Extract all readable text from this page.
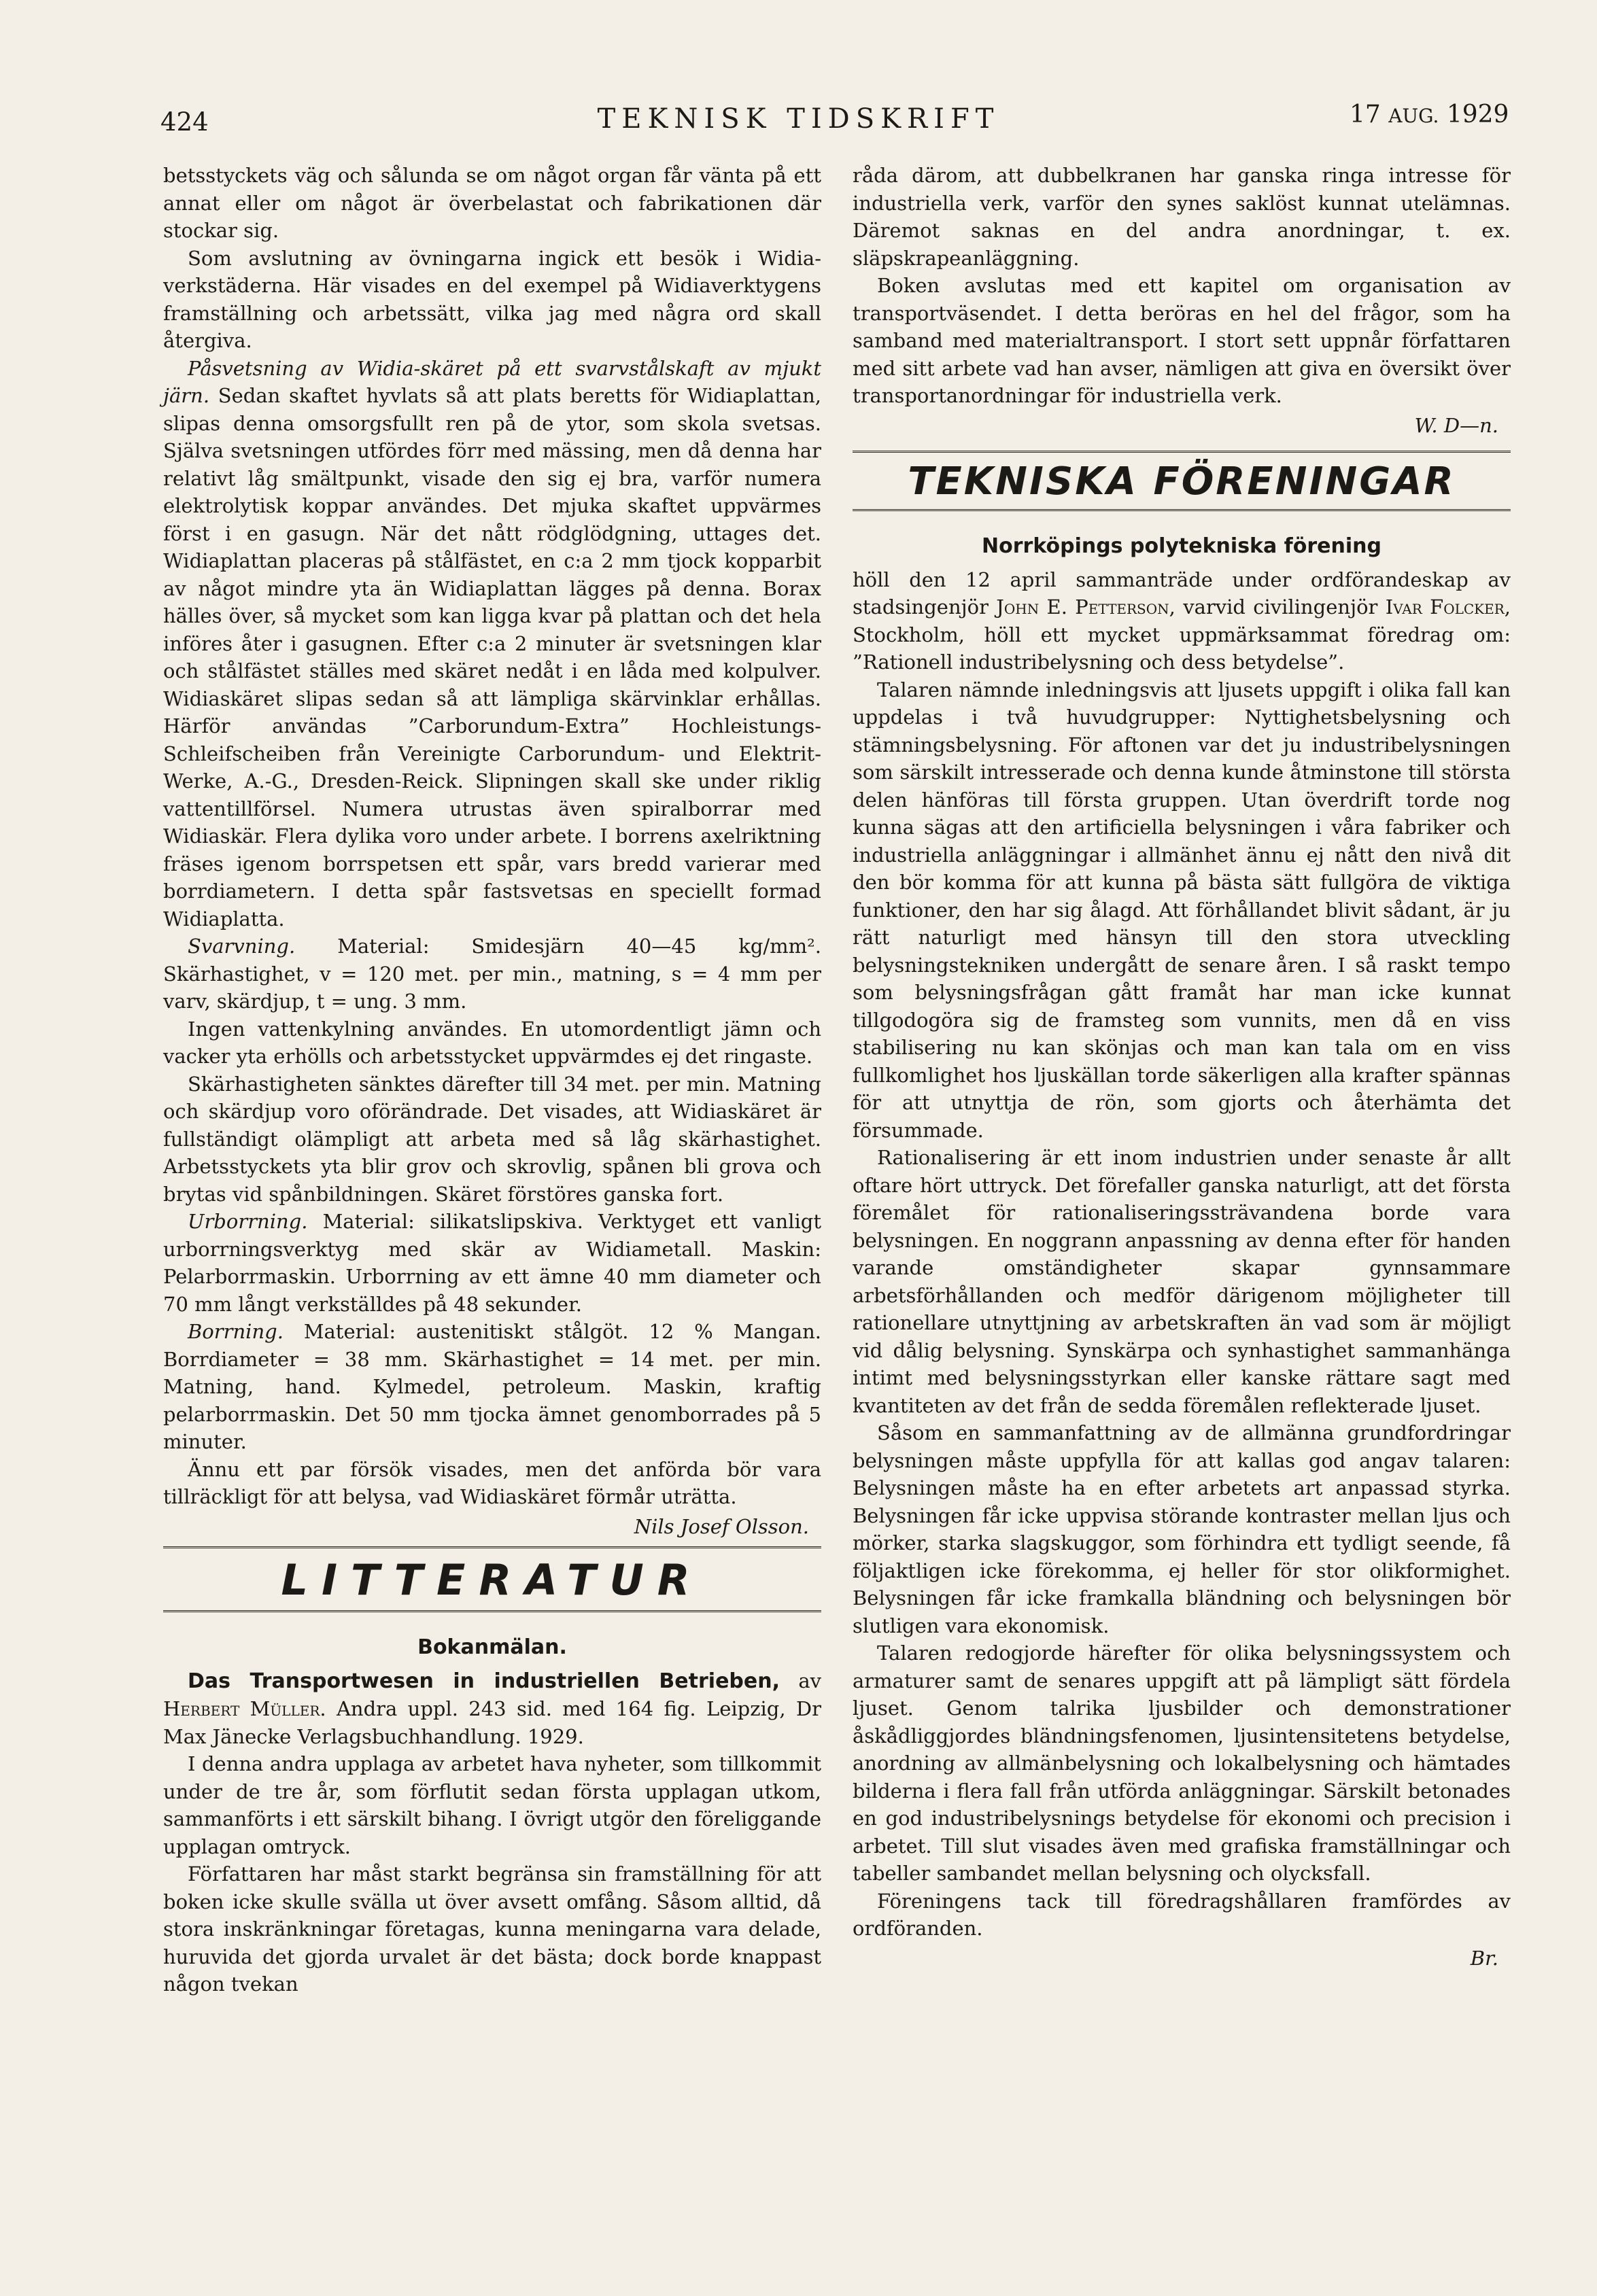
424	TEKNISK TIDSKRIFT	17 AUG. 1929
betsstyckets väg och sålunda se om något organ får vänta på ett annat eller om något är överbelastat och fabrikationen där stockar sig.
Som avslutning av övningarna ingick ett besök i Widia-verkstäderna. Här visades en del exempel på Widiaverktygens framställning och arbetssätt, vilka jag med några ord skall återgiva.
Påsvetsning av Widia-skäret på ett svarvstålskaft av mjukt järn. Sedan skaftet hyvlats så att plats beretts för Widiaplattan, slipas denna omsorgsfullt ren på de ytor, som skola svetsas. Själva svetsningen utfördes förr med mässing, men då denna har relativt låg smältpunkt, visade den sig ej bra, varför numera elektrolytisk koppar användes. Det mjuka skaftet uppvärmes först i en gasugn. När det nått rödglödgning, uttages det. Widiaplattan placeras på stålfästet, en c:a 2 mm tjock kopparbit av något mindre yta än Widiaplattan lägges på denna. Borax hälles över, så mycket som kan ligga kvar på plattan och det hela införes åter i gasugnen. Efter c:a 2 minuter är svetsningen klar och stålfästet ställes med skäret nedåt i en låda med kolpulver. Widiaskäret slipas sedan så att lämpliga skärvinklar erhållas. Härför användas ”Carborundum-Extra” Hochleistungs-Schleifscheiben från Vereinigte Carborundum- und Elektrit-Werke, A.-G., Dresden-Reick. Slipningen skall ske under riklig vattentillförsel. Numera utrustas även spiralborrar med Widiaskär. Flera dylika voro under arbete. I borrens axelriktning fräses igenom borrspetsen ett spår, vars bredd varierar med borrdiametern. I detta spår fastsvetsas en speciellt formad Widiaplatta.
Svarvning. Material: Smidesjärn 40—45 kg/mm². Skärhastighet, v = 120 met. per min., matning, s = 4 mm per varv, skärdjup, t = ung. 3 mm.
Ingen vattenkylning användes. En utomordentligt jämn och vacker yta erhölls och arbetsstycket uppvärmdes ej det ringaste.
Skärhastigheten sänktes därefter till 34 met. per min. Matning och skärdjup voro oförändrade. Det visades, att Widiaskäret är fullständigt olämpligt att arbeta med så låg skärhastighet. Arbetsstyckets yta blir grov och skrovlig, spånen bli grova och brytas vid spånbildningen. Skäret förstöres ganska fort.
Urborrning. Material: silikatslipskiva. Verktyget ett vanligt urborrningsverktyg med skär av Widiametall. Maskin: Pelarborrmaskin. Urborrning av ett ämne 40 mm diameter och 70 mm långt verkställdes på 48 sekunder.
Borrning. Material: austenitiskt stålgöt. 12 % Mangan. Borrdiameter = 38 mm. Skärhastighet = 14 met. per min. Matning, hand. Kylmedel, petroleum. Maskin, kraftig pelarborrmaskin. Det 50 mm tjocka ämnet genomborrades på 5 minuter.
Ännu ett par försök visades, men det anförda bör vara tillräckligt för att belysa, vad Widiaskäret förmår uträtta.
Nils Josef Olsson.
LITTERATUR
Bokanmälan.
Das Transportwesen in industriellen Betrieben, av Herbert Müller. Andra uppl. 243 sid. med 164 fig. Leipzig, Dr Max Jänecke Verlagsbuchhandlung. 1929.
I denna andra upplaga av arbetet hava nyheter, som tillkommit under de tre år, som förflutit sedan första upplagan utkom, sammanförts i ett särskilt bihang. I övrigt utgör den föreliggande upplagan omtryck.
Författaren har måst starkt begränsa sin framställning för att boken icke skulle svälla ut över avsett omfång. Såsom alltid, då stora inskränkningar företagas, kunna meningarna vara delade, huruvida det gjorda urvalet är det bästa; dock borde knappast någon tvekan
råda därom, att dubbelkranen har ganska ringa intresse för industriella verk, varför den synes saklöst kunnat utelämnas. Däremot saknas en del andra anordningar, t. ex. släpskrapeanläggning.
Boken avslutas med ett kapitel om organisation av transportväsendet. I detta beröras en hel del frågor, som ha samband med materialtransport. I stort sett uppnår författaren med sitt arbete vad han avser, nämligen att giva en översikt över transportanordningar för industriella verk.
W. D—n.
TEKNISKA FÖRENINGAR
Norrköpings polytekniska förening
höll den 12 april sammanträde under ordförandeskap av stadsingenjör John E. Petterson, varvid civilingenjör Ivar Folcker, Stockholm, höll ett mycket uppmärksammat föredrag om: ”Rationell industribelysning och dess betydelse”.
Talaren nämnde inledningsvis att ljusets uppgift i olika fall kan uppdelas i två huvudgrupper: Nyttighetsbelysning och stämningsbelysning. För aftonen var det ju industribelysningen som särskilt intresserade och denna kunde åtminstone till största delen hänföras till första gruppen. Utan överdrift torde nog kunna sägas att den artificiella belysningen i våra fabriker och industriella anläggningar i allmänhet ännu ej nått den nivå dit den bör komma för att kunna på bästa sätt fullgöra de viktiga funktioner, den har sig ålagd. Att förhållandet blivit sådant, är ju rätt naturligt med hänsyn till den stora utveckling belysningstekniken undergått de senare åren. I så raskt tempo som belysningsfrågan gått framåt har man icke kunnat tillgodogöra sig de framsteg som vunnits, men då en viss stabilisering nu kan skönjas och man kan tala om en viss fullkomlighet hos ljuskällan torde säkerligen alla krafter spännas för att utnyttja de rön, som gjorts och återhämta det försummade.
Rationalisering är ett inom industrien under senaste år allt oftare hört uttryck. Det förefaller ganska naturligt, att det första föremålet för rationaliseringssträvandena borde vara belysningen. En noggrann anpassning av denna efter för handen varande omständigheter skapar gynnsammare arbetsförhållanden och medför därigenom möjligheter till rationellare utnyttjning av arbetskraften än vad som är möjligt vid dålig belysning. Synskärpa och synhastighet sammanhänga intimt med belysningsstyrkan eller kanske rättare sagt med kvantiteten av det från de sedda föremålen reflekterade ljuset.
Såsom en sammanfattning av de allmänna grundfordringar belysningen måste uppfylla för att kallas god angav talaren: Belysningen måste ha en efter arbetets art anpassad styrka. Belysningen får icke uppvisa störande kontraster mellan ljus och mörker, starka slagskuggor, som förhindra ett tydligt seende, få följaktligen icke förekomma, ej heller för stor olikformighet. Belysningen får icke framkalla bländning och belysningen bör slutligen vara ekonomisk.
Talaren redogjorde härefter för olika belysningssystem och armaturer samt de senares uppgift att på lämpligt sätt fördela ljuset. Genom talrika ljusbilder och demonstrationer åskådliggjordes bländningsfenomen, ljusintensitetens betydelse, anordning av allmänbelysning och lokalbelysning och hämtades bilderna i flera fall från utförda anläggningar. Särskilt betonades en god industribelysnings betydelse för ekonomi och precision i arbetet. Till slut visades även med grafiska framställningar och tabeller sambandet mellan belysning och olycksfall.
Föreningens tack till föredragshållaren framfördes av ordföranden.
Br.
